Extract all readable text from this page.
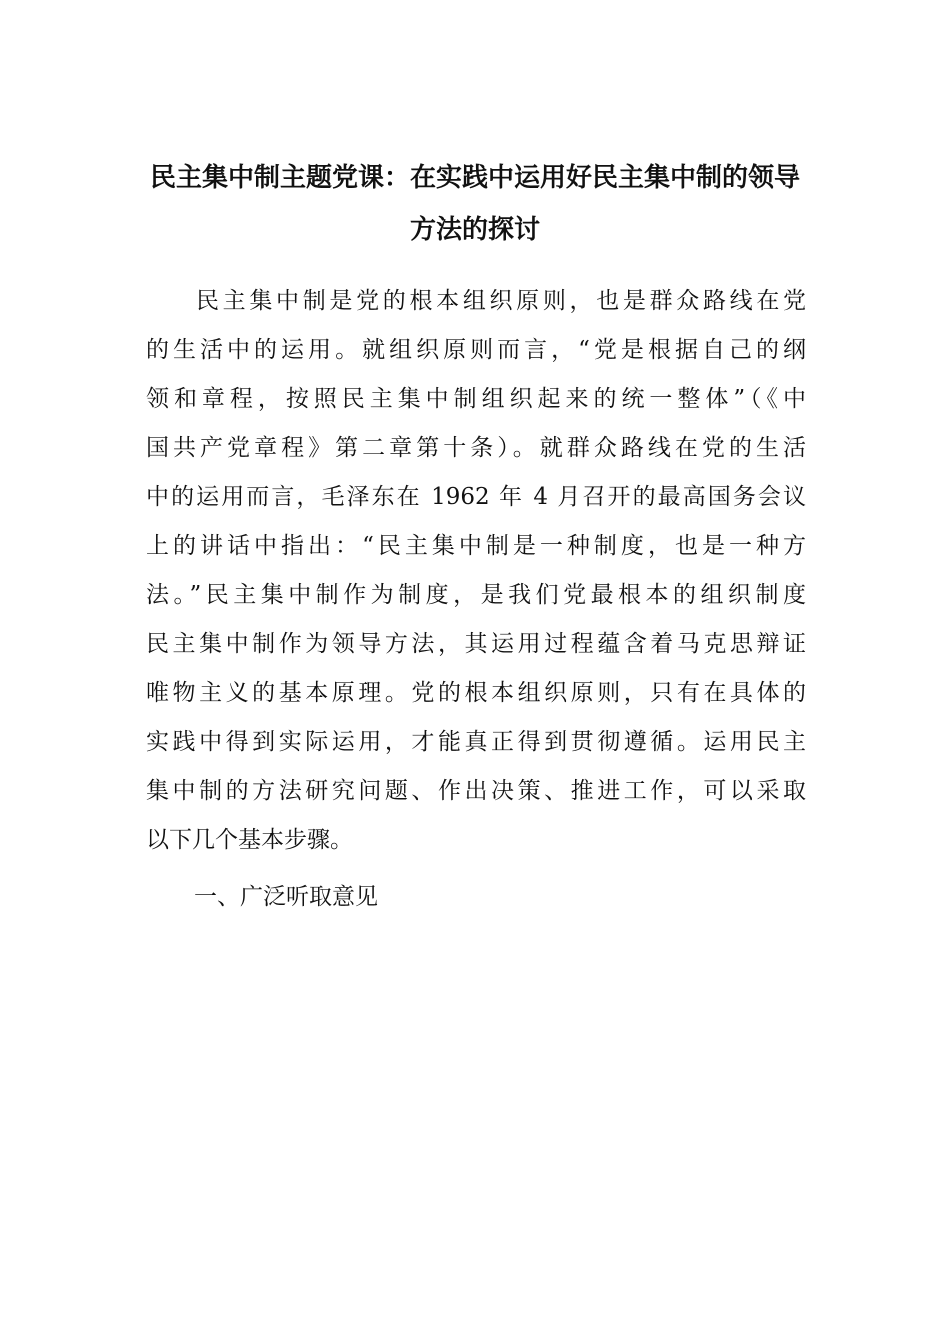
民主集中制主题党课：在实践中运用好民主集中制的领导
方法的探讨
民主集中制是党的根本组织原则，也是群众路线在党
的生活中的运用。就组织原则而言，“党是根据自己的纲
领和章程，按照民主集中制组织起来的统一整体”（《中
国共产党章程》第二章第十条）。就群众路线在党的生活
中的运用而言，毛泽东在 1962 年 4 月召开的最高国务会议
上的讲话中指出：“民主集中制是一种制度，也是一种方
法。”民主集中制作为制度，是我们党最根本的组织制度
民主集中制作为领导方法，其运用过程蕴含着马克思辩证
唯物主义的基本原理。党的根本组织原则，只有在具体的
实践中得到实际运用，才能真正得到贯彻遵循。运用民主
集中制的方法研究问题、作出决策、推进工作，可以采取
以下几个基本步骤。
一、广泛听取意见
